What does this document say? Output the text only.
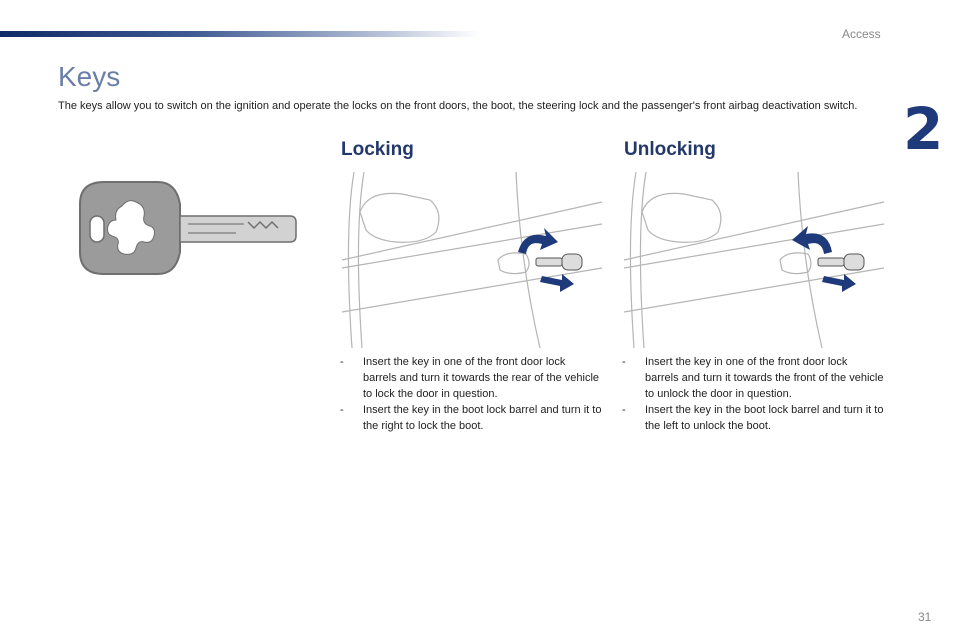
Access
2
Keys
The keys allow you to switch on the ignition and operate the locks on the front doors, the boot, the steering lock and the passenger's front airbag deactivation switch.
Locking	Unlocking
- Insert the key in one of the front door lock barrels and turn it towards the rear of the vehicle to lock the door in question.
- Insert the key in the boot lock barrel and turn it to the right to lock the boot.
- Insert the key in one of the front door lock barrels and turn it towards the front of the vehicle to unlock the door in question.
- Insert the key in the boot lock barrel and turn it to the left to unlock the boot.
31
